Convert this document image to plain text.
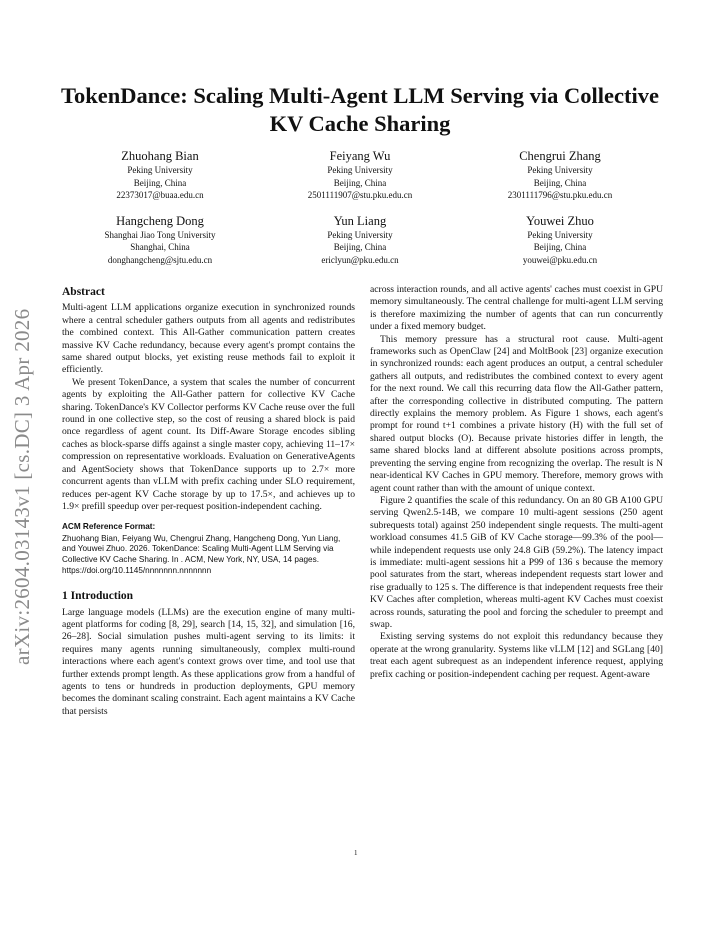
arXiv:2604.03143v1 [cs.DC] 3 Apr 2026
TokenDance: Scaling Multi-Agent LLM Serving via Collective KV Cache Sharing
Zhuohang Bian
Peking University
Beijing, China
22373017@buaa.edu.cn
Feiyang Wu
Peking University
Beijing, China
2501111907@stu.pku.edu.cn
Chengrui Zhang
Peking University
Beijing, China
2301111796@stu.pku.edu.cn
Hangcheng Dong
Shanghai Jiao Tong University
Shanghai, China
donghangcheng@sjtu.edu.cn
Yun Liang
Peking University
Beijing, China
ericlyun@pku.edu.cn
Youwei Zhuo
Peking University
Beijing, China
youwei@pku.edu.cn
Abstract

Multi-agent LLM applications organize execution in synchronized rounds where a central scheduler gathers outputs from all agents and redistributes the combined context. This All-Gather communication pattern creates massive KV Cache redundancy, because every agent's prompt contains the same shared output blocks, yet existing reuse methods fail to exploit it efficiently.

We present TokenDance, a system that scales the number of concurrent agents by exploiting the All-Gather pattern for collective KV Cache sharing. TokenDance's KV Collector performs KV Cache reuse over the full round in one collective step, so the cost of reusing a shared block is paid once regardless of agent count. Its Diff-Aware Storage encodes sibling caches as block-sparse diffs against a single master copy, achieving 11–17× compression on representative workloads. Evaluation on GenerativeAgents and AgentSociety shows that TokenDance supports up to 2.7× more concurrent agents than vLLM with prefix caching under SLO requirement, reduces per-agent KV Cache storage by up to 17.5×, and achieves up to 1.9× prefill speedup over per-request position-independent caching.

ACM Reference Format:
Zhuohang Bian, Feiyang Wu, Chengrui Zhang, Hangcheng Dong, Yun Liang, and Youwei Zhuo. 2026. TokenDance: Scaling Multi-Agent LLM Serving via Collective KV Cache Sharing. In . ACM, New York, NY, USA, 14 pages. https://doi.org/10.1145/nnnnnnn.nnnnnnn
1 Introduction

Large language models (LLMs) are the execution engine of many multi-agent platforms for coding [8, 29], search [14, 15, 32], and simulation [16, 26–28]. Social simulation pushes multi-agent serving to its limits: it requires many agents running simultaneously, complex multi-round interactions where each agent's context grows over time, and tool use that further extends prompt length. As these applications grow from a handful of agents to tens or hundreds in production deployments, GPU memory becomes the dominant scaling constraint. Each agent maintains a KV Cache that persists

across interaction rounds, and all active agents' caches must coexist in GPU memory simultaneously. The central challenge for multi-agent LLM serving is therefore maximizing the number of agents that can run concurrently under a fixed memory budget.

This memory pressure has a structural root cause. Multi-agent frameworks such as OpenClaw [24] and MoltBook [23] organize execution in synchronized rounds: each agent produces an output, a central scheduler gathers all outputs, and redistributes the combined context to every agent for the next round. We call this recurring data flow the All-Gather pattern, after the corresponding collective in distributed computing. The pattern directly explains the memory problem. As Figure 1 shows, each agent's prompt for round t+1 combines a private history (H) with the full set of shared output blocks (O). Because private histories differ in length, the same shared blocks land at different absolute positions across prompts, preventing the serving engine from recognizing the overlap. The result is N near-identical KV Caches in GPU memory. Therefore, memory grows with agent count rather than with the amount of unique context.

Figure 2 quantifies the scale of this redundancy. On an 80 GB A100 GPU serving Qwen2.5-14B, we compare 10 multi-agent sessions (250 agent subrequests total) against 250 independent single requests. The multi-agent workload consumes 41.5 GiB of KV Cache storage—99.3% of the pool—while independent requests use only 24.8 GiB (59.2%). The latency impact is immediate: multi-agent sessions hit a P99 of 136 s because the memory pool saturates from the start, whereas independent requests start lower and rise gradually to 125 s. The difference is that independent requests free their KV Caches after completion, whereas multi-agent KV Caches must coexist across rounds, saturating the pool and forcing the scheduler to preempt and swap.

Existing serving systems do not exploit this redundancy because they operate at the wrong granularity. Systems like vLLM [12] and SGLang [40] treat each agent subrequest as an independent inference request, applying prefix caching or position-independent caching per request. Agent-aware

1
